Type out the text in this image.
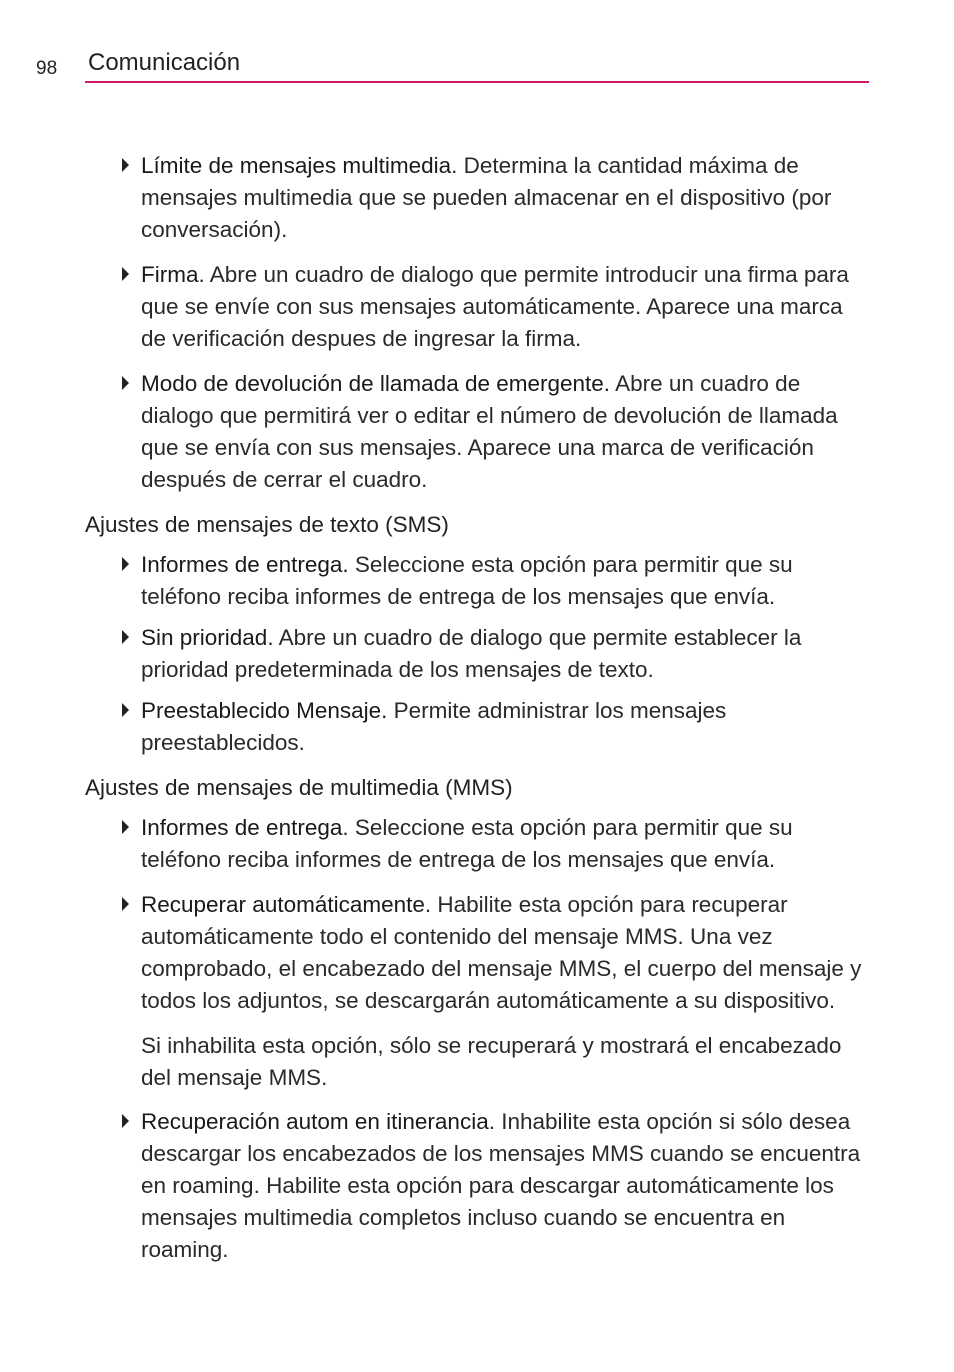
98 Comunicación
Límite de mensajes multimedia. Determina la cantidad máxima de mensajes multimedia que se pueden almacenar en el dispositivo (por conversación).
Firma. Abre un cuadro de dialogo que permite introducir una firma para que se envíe con sus mensajes automáticamente. Aparece una marca de verificación despues de ingresar la firma.
Modo de devolución de llamada de emergente. Abre un cuadro de dialogo que permitirá ver o editar el número de devolución de llamada que se envía con sus mensajes. Aparece una marca de verificación después de cerrar el cuadro.
Ajustes de mensajes de texto (SMS)
Informes de entrega. Seleccione esta opción para permitir que su teléfono reciba informes de entrega de los mensajes que envía.
Sin prioridad. Abre un cuadro de dialogo que permite establecer la prioridad predeterminada de los mensajes de texto.
Preestablecido Mensaje. Permite administrar los mensajes preestablecidos.
Ajustes de mensajes de multimedia (MMS)
Informes de entrega. Seleccione esta opción para permitir que su teléfono reciba informes de entrega de los mensajes que envía.
Recuperar automáticamente. Habilite esta opción para recuperar automáticamente todo el contenido del mensaje MMS. Una vez comprobado, el encabezado del mensaje MMS, el cuerpo del mensaje y todos los adjuntos, se descargarán automáticamente a su dispositivo.
Si inhabilita esta opción, sólo se recuperará y mostrará el encabezado del mensaje MMS.
Recuperación autom en itinerancia. Inhabilite esta opción si sólo desea descargar los encabezados de los mensajes MMS cuando se encuentra en roaming. Habilite esta opción para descargar automáticamente los mensajes multimedia completos incluso cuando se encuentra en roaming.
